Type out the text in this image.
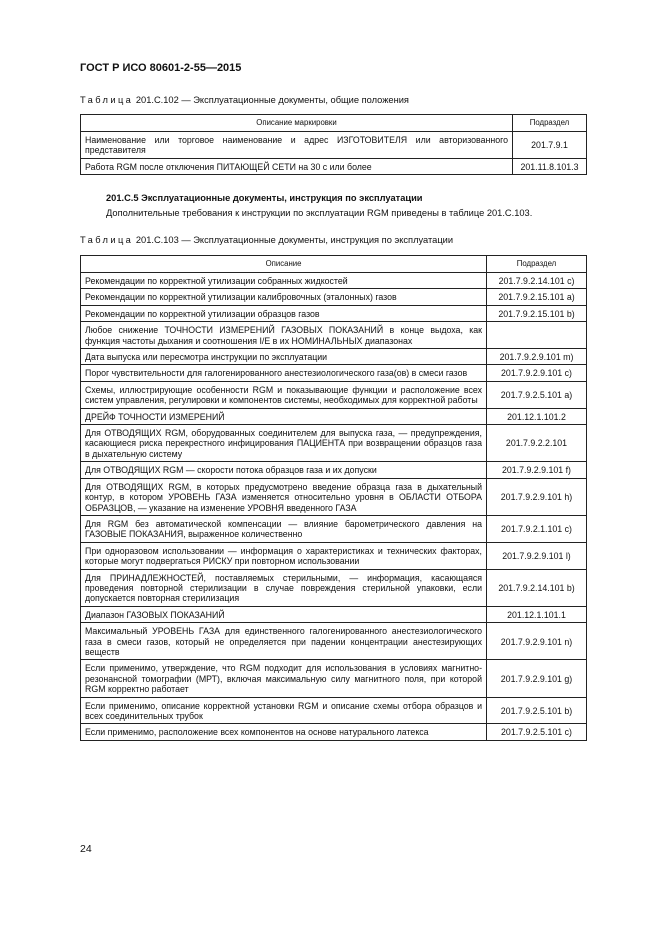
ГОСТ Р ИСО 80601-2-55—2015
Таблица 201.С.102 — Эксплуатационные документы, общие положения
Описание маркировки	Подраздел
Наименование или торговое наименование и адрес ИЗГОТОВИТЕЛЯ или авторизованного представителя	201.7.9.1
Работа RGM после отключения ПИТАЮЩЕЙ СЕТИ на 30 с или более	201.11.8.101.3
201.С.5 Эксплуатационные документы, инструкция по эксплуатации
Дополнительные требования к инструкции по эксплуатации RGM приведены в таблице 201.С.103.
Таблица 201.С.103 — Эксплуатационные документы, инструкция по эксплуатации
Описание	Подраздел
Рекомендации по корректной утилизации собранных жидкостей	201.7.9.2.14.101 c)
Рекомендации по корректной утилизации калибровочных (эталонных) газов	201.7.9.2.15.101 a)
Рекомендации по корректной утилизации образцов газов	201.7.9.2.15.101 b)
Любое снижение ТОЧНОСТИ ИЗМЕРЕНИЙ ГАЗОВЫХ ПОКАЗАНИЙ в конце выдоха, как функция частоты дыхания и соотношения I/E в их НОМИНАЛЬНЫХ диапазонах	
Дата выпуска или пересмотра инструкции по эксплуатации	201.7.9.2.9.101 m)
Порог чувствительности для галогенированного анестезиологического газа(ов) в смеси газов	201.7.9.2.9.101 c)
Схемы, иллюстрирующие особенности RGM и показывающие функции и расположение всех систем управления, регулировки и компонентов системы, необходимых для корректной работы	201.7.9.2.5.101 a)
ДРЕЙФ ТОЧНОСТИ ИЗМЕРЕНИЙ	201.12.1.101.2
Для ОТВОДЯЩИХ RGM, оборудованных соединителем для выпуска газа, — предупреждения, касающиеся риска перекрестного инфицирования ПАЦИЕНТА при возвращении образцов газа в дыхательную систему	201.7.9.2.2.101
Для ОТВОДЯЩИХ RGM — скорости потока образцов газа и их допуски	201.7.9.2.9.101 f)
Для ОТВОДЯЩИХ RGM, в которых предусмотрено введение образца газа в дыхательный контур, в котором УРОВЕНЬ ГАЗА изменяется относительно уровня в ОБЛАСТИ ОТБОРА ОБРАЗЦОВ, — указание на изменение УРОВНЯ введенного ГАЗА	201.7.9.2.9.101 h)
Для RGM без автоматической компенсации — влияние барометрического давления на ГАЗОВЫЕ ПОКАЗАНИЯ, выраженное количественно	201.7.9.2.1.101 c)
При одноразовом использовании — информация о характеристиках и технических факторах, которые могут подвергаться РИСКУ при повторном использовании	201.7.9.2.9.101 l)
Для ПРИНАДЛЕЖНОСТЕЙ, поставляемых стерильными, — информация, касающаяся проведения повторной стерилизации в случае повреждения стерильной упаковки, если допускается повторная стерилизация	201.7.9.2.14.101 b)
Диапазон ГАЗОВЫХ ПОКАЗАНИЙ	201.12.1.101.1
Максимальный УРОВЕНЬ ГАЗА для единственного галогенированного анестезиологического газа в смеси газов, который не определяется при падении концентрации анестезирующих веществ	201.7.9.2.9.101 n)
Если применимо, утверждение, что RGM подходит для использования в условиях магнитно-резонансной томографии (МРТ), включая максимальную силу магнитного поля, при которой RGM корректно работает	201.7.9.2.9.101 g)
Если применимо, описание корректной установки RGM и описание схемы отбора образцов и всех соединительных трубок	201.7.9.2.5.101 b)
Если применимо, расположение всех компонентов на основе натурального латекса	201.7.9.2.5.101 c)
24
